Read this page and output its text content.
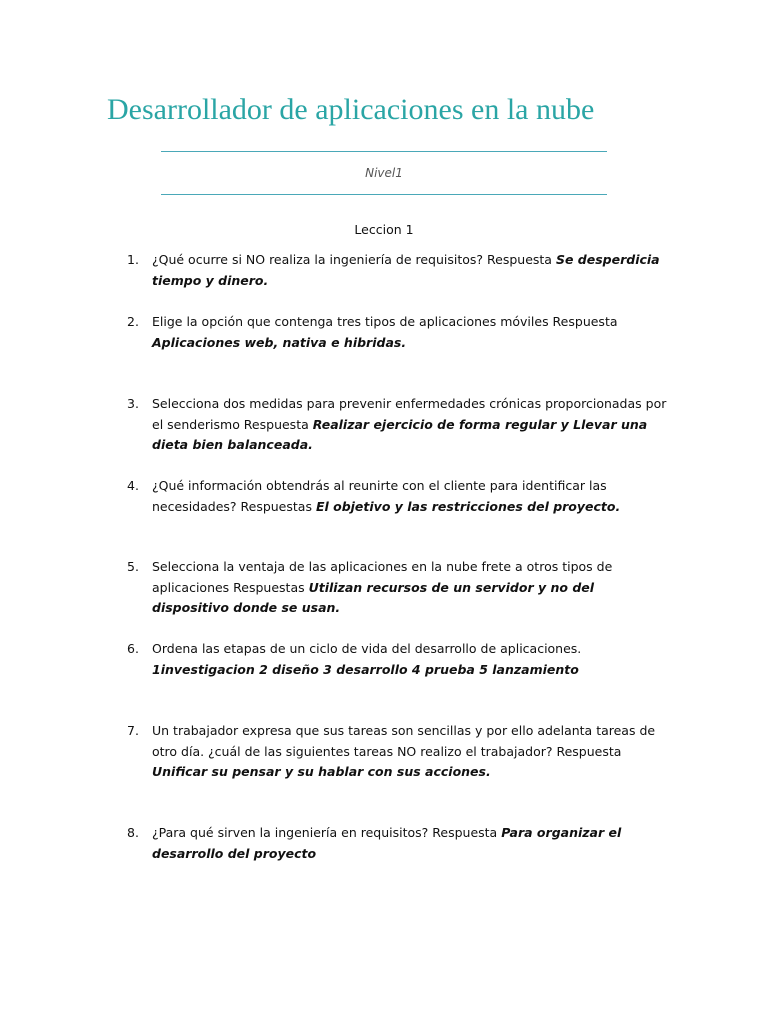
Desarrollador de aplicaciones en la nube
Nivel1
Leccion 1
1.	¿Qué ocurre si NO realiza la ingeniería de requisitos? Respuesta Se desperdicia tiempo y dinero.
2.	Elige la opción que contenga tres tipos de aplicaciones móviles Respuesta Aplicaciones web, nativa e hibridas.
3.	Selecciona dos medidas para prevenir enfermedades crónicas proporcionadas por el senderismo Respuesta Realizar ejercicio de forma regular y Llevar una dieta bien balanceada.
4.	¿Qué información obtendrás al reunirte con el cliente para identificar las necesidades? Respuestas El objetivo y las restricciones del proyecto.
5.	Selecciona la ventaja de las aplicaciones en la nube frete a otros tipos de aplicaciones Respuestas Utilizan recursos de un servidor y no del dispositivo donde se usan.
6.	Ordena las etapas de un ciclo de vida del desarrollo de aplicaciones. 1investigacion 2 diseño 3 desarrollo 4 prueba 5 lanzamiento
7.	Un trabajador expresa que sus tareas son sencillas y por ello adelanta tareas de otro día. ¿cuál de las siguientes tareas NO realizo el trabajador? Respuesta Unificar su pensar y su hablar con sus acciones.
8.	¿Para qué sirven la ingeniería en requisitos? Respuesta Para organizar el desarrollo del proyecto
